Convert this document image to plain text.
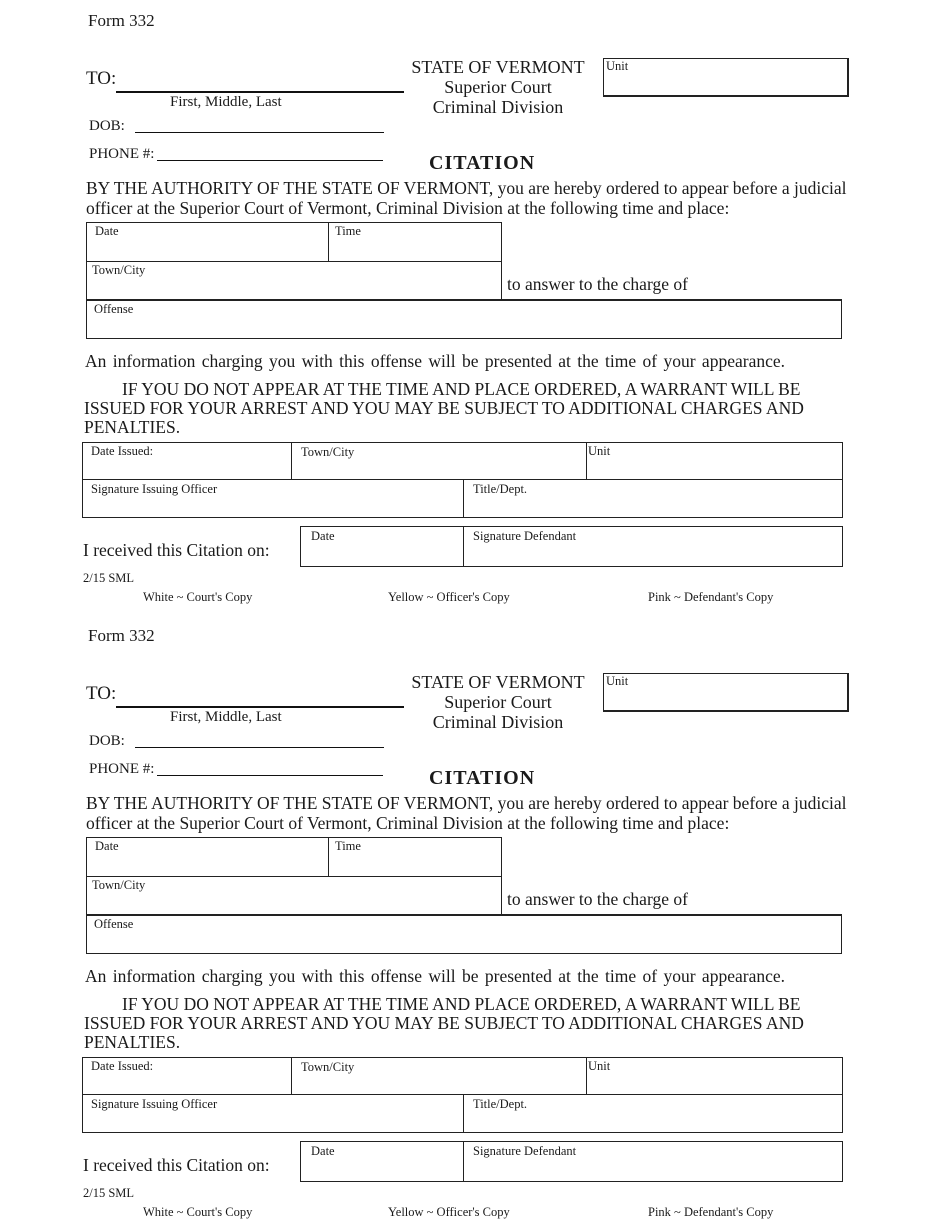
Form 332
TO:
First, Middle, Last
DOB:
PHONE #:
STATE OF VERMONT
Superior Court
Criminal Division
Unit
CITATION
BY THE AUTHORITY OF THE STATE OF VERMONT, you are hereby ordered to appear before a judicial officer at the Superior Court of Vermont, Criminal Division at the following time and place:
Date	Time
Town/City
to answer to the charge of
Offense
An information charging you with this offense will be presented at the time of your appearance.
IF YOU DO NOT APPEAR AT THE TIME AND PLACE ORDERED, A WARRANT WILL BE ISSUED FOR YOUR ARREST AND YOU MAY BE SUBJECT TO ADDITIONAL CHARGES AND PENALTIES.
Date Issued:	Town/City	Unit
Signature Issuing Officer	Title/Dept.
I received this Citation on:
Date	Signature Defendant
2/15 SML
White ~ Court's Copy	Yellow ~ Officer's Copy	Pink ~ Defendant's Copy
Form 332
TO:
First, Middle, Last
DOB:
PHONE #:
STATE OF VERMONT
Superior Court
Criminal Division
Unit
CITATION
BY THE AUTHORITY OF THE STATE OF VERMONT, you are hereby ordered to appear before a judicial officer at the Superior Court of Vermont, Criminal Division at the following time and place:
Date	Time
Town/City
to answer to the charge of
Offense
An information charging you with this offense will be presented at the time of your appearance.
IF YOU DO NOT APPEAR AT THE TIME AND PLACE ORDERED, A WARRANT WILL BE ISSUED FOR YOUR ARREST AND YOU MAY BE SUBJECT TO ADDITIONAL CHARGES AND PENALTIES.
Date Issued:	Town/City	Unit
Signature Issuing Officer	Title/Dept.
I received this Citation on:
Date	Signature Defendant
2/15 SML
White ~ Court's Copy	Yellow ~ Officer's Copy	Pink ~ Defendant's Copy
